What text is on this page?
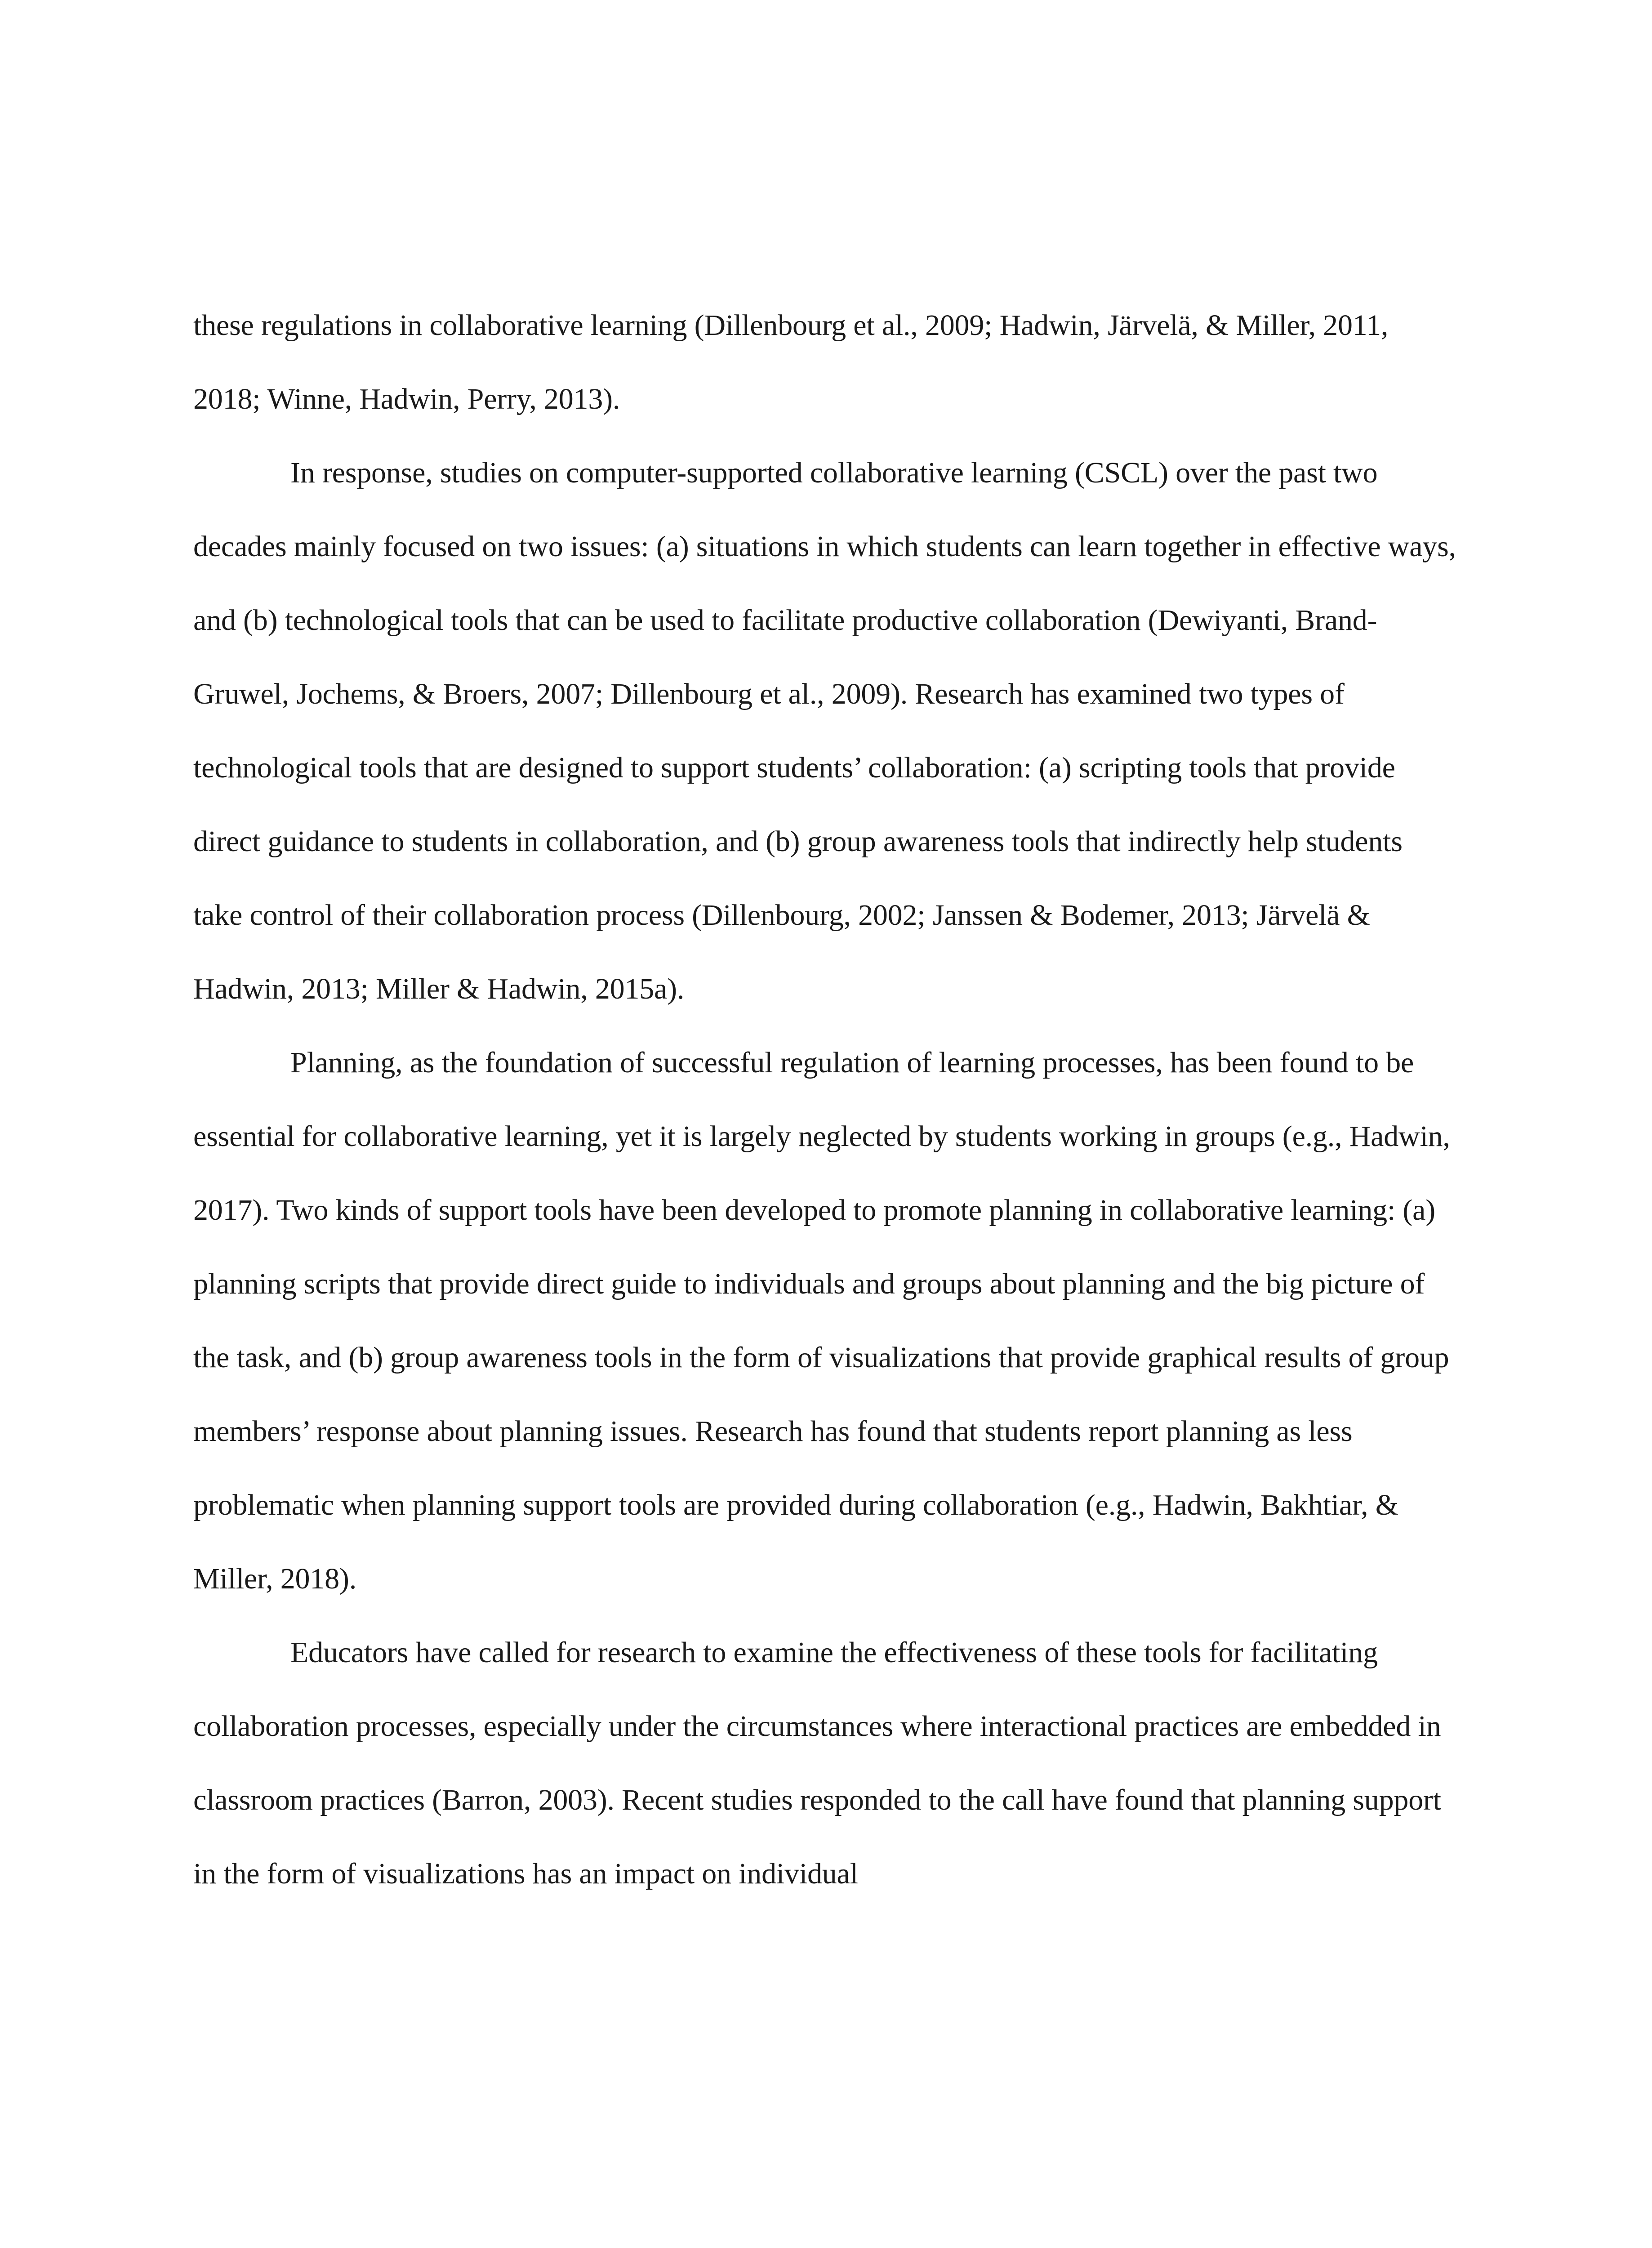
these regulations in collaborative learning (Dillenbourg et al., 2009; Hadwin, Järvelä, & Miller, 2011, 2018; Winne, Hadwin, Perry, 2013).

In response, studies on computer-supported collaborative learning (CSCL) over the past two decades mainly focused on two issues: (a) situations in which students can learn together in effective ways, and (b) technological tools that can be used to facilitate productive collaboration (Dewiyanti, Brand-Gruwel, Jochems, & Broers, 2007; Dillenbourg et al., 2009). Research has examined two types of technological tools that are designed to support students’ collaboration: (a) scripting tools that provide direct guidance to students in collaboration, and (b) group awareness tools that indirectly help students take control of their collaboration process (Dillenbourg, 2002; Janssen & Bodemer, 2013; Järvelä & Hadwin, 2013; Miller & Hadwin, 2015a).

Planning, as the foundation of successful regulation of learning processes, has been found to be essential for collaborative learning, yet it is largely neglected by students working in groups (e.g., Hadwin, 2017). Two kinds of support tools have been developed to promote planning in collaborative learning: (a) planning scripts that provide direct guide to individuals and groups about planning and the big picture of the task, and (b) group awareness tools in the form of visualizations that provide graphical results of group members’ response about planning issues. Research has found that students report planning as less problematic when planning support tools are provided during collaboration (e.g., Hadwin, Bakhtiar, & Miller, 2018).

Educators have called for research to examine the effectiveness of these tools for facilitating collaboration processes, especially under the circumstances where interactional practices are embedded in classroom practices (Barron, 2003). Recent studies responded to the call have found that planning support in the form of visualizations has an impact on individual
